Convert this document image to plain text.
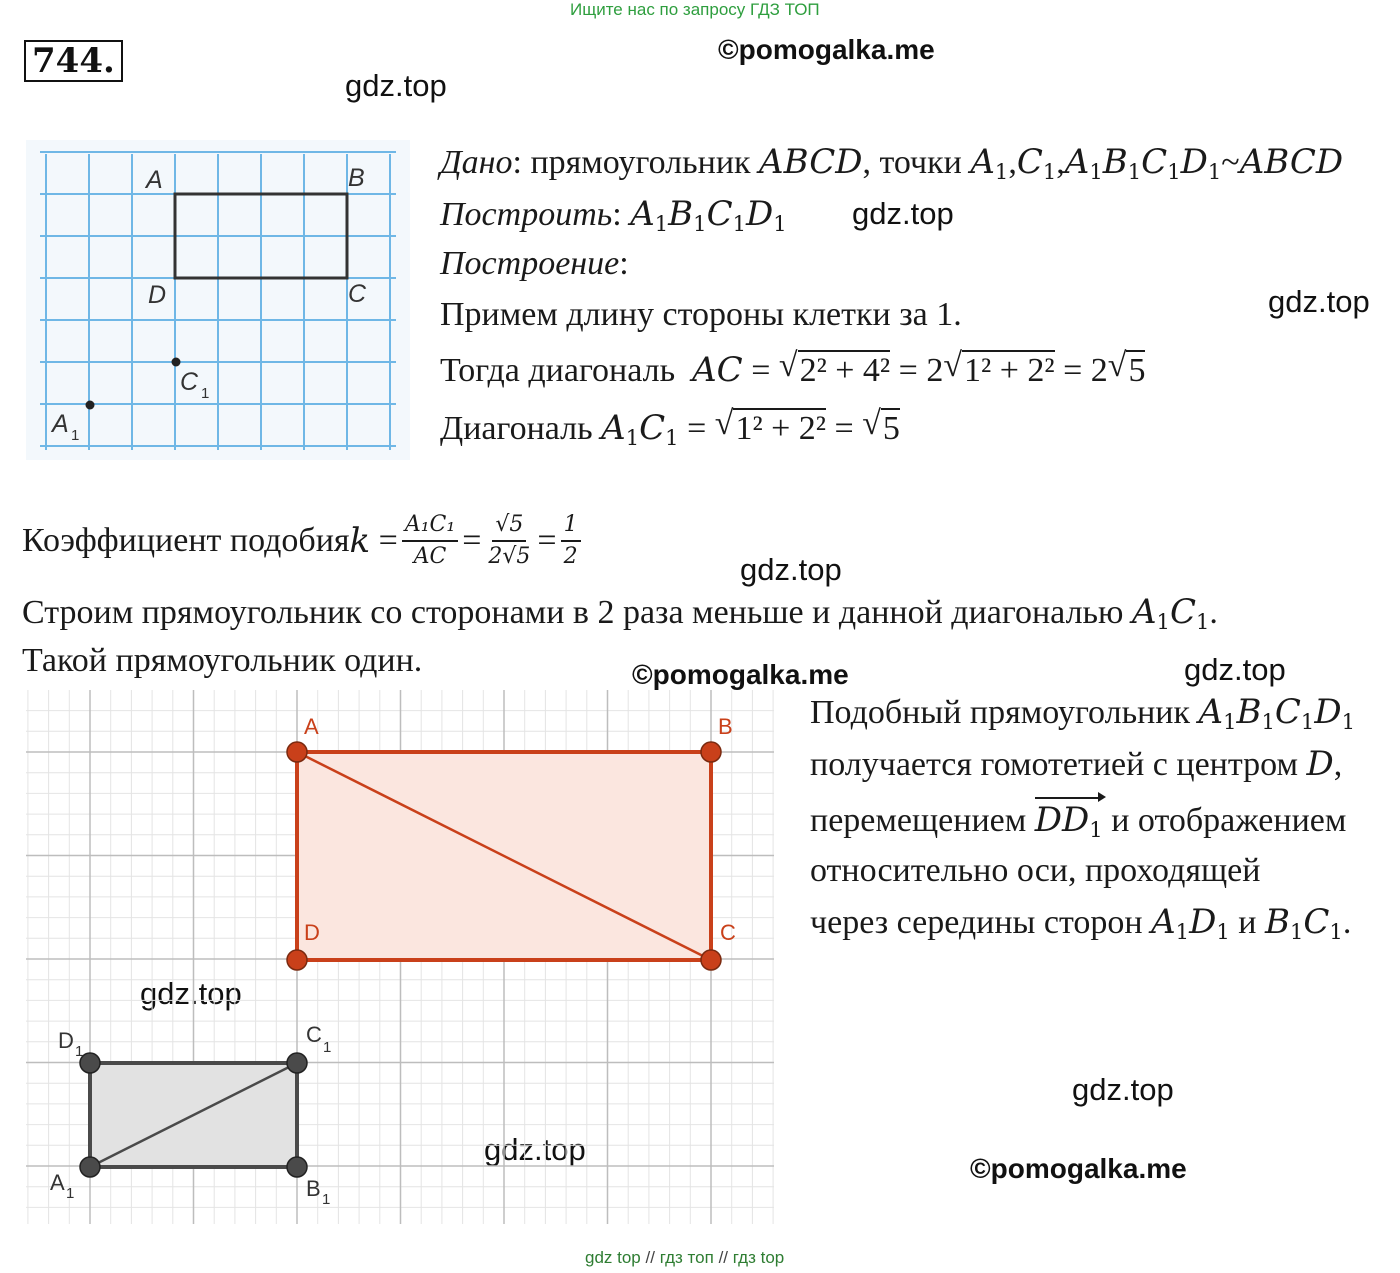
Ищите нас по запросу ГДЗ ТОП
744.	©pomogalka.me
gdz.top
gdz.top
gdz.top
gdz.top
©pomogalka.me	gdz.top
gdz.top
gdz.top
gdz.top
©pomogalka.me
A	B
C
D
C 1
A 1
Дано: прямоугольник ABCD, точки $A_1,C_1,A_1B_1C_1D_1\sim ABCD$
Построить: $A_1B_1C_1D_1$
Построение:
Примем длину стороны клетки за 1.
Тогда диагональ  AC = √ 2² + 4² = 2 √ 1² + 2² = 2 √ 5
Диагональ $A_1C_1$ = √ 1² + 2² = √ 5
Коэффициент подобия $k = \frac{\text{A₁C₁}}{AC} = \frac{√5}{2√5} = \frac{1}{2}$
Строим прямоугольник со сторонами в 2 раза меньше и данной диагональю $A_1C_1$.
Такой прямоугольник один.
A	B
C
D
D 1
C
1
A 1	B 1
Подобный прямоугольник $A_1B_1C_1D_1$
получается гомотетией с центром D,
перемещением $DD_1$ и отображением
относительно оси, проходящей
через середины сторон $A_1D_1$ и $B_1C_1$.
gdz top // гдз топ // гдз top
